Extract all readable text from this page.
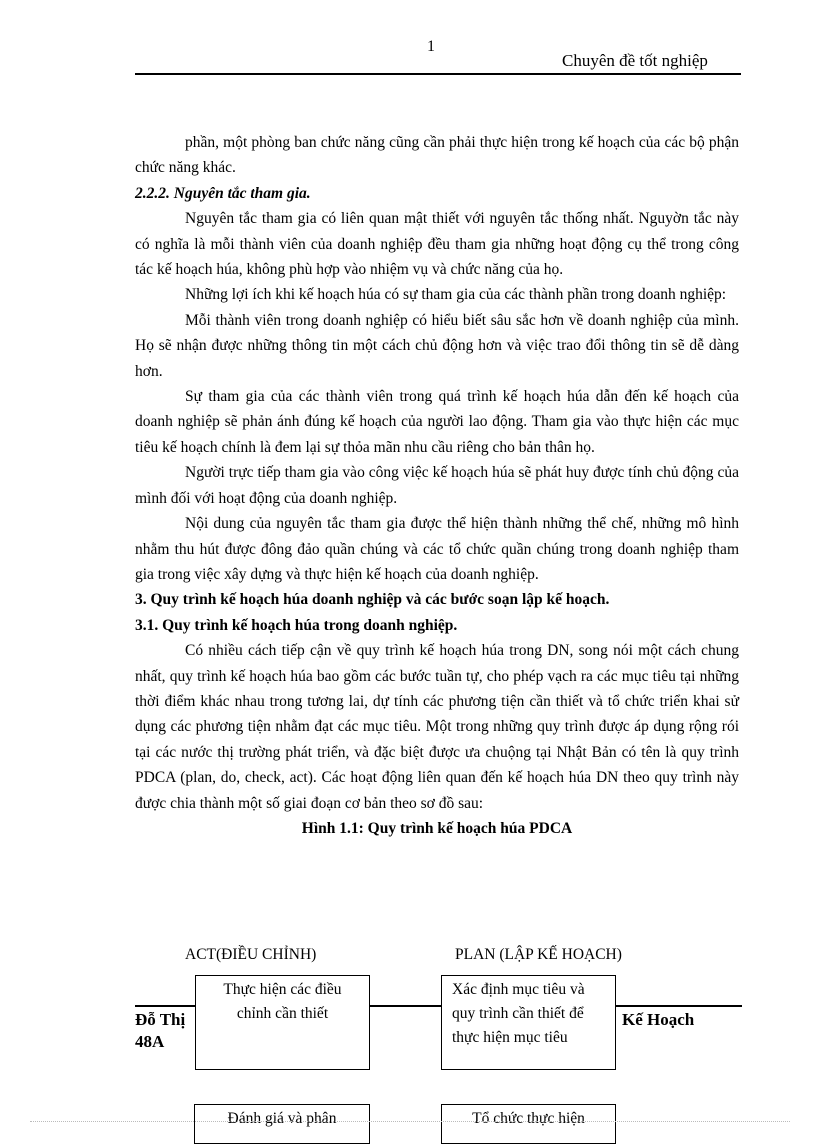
1
Chuyên đề tốt nghiệp

phần, một phòng ban chức năng cũng cần phải thực hiện trong kế hoạch của các bộ phận chức năng khác.

2.2.2. Nguyên tắc tham gia.

Nguyên tắc tham gia có liên quan mật thiết với nguyên tắc thống nhất. Nguyờn tắc này có nghĩa là mỗi thành viên của doanh nghiệp đều tham gia những hoạt động cụ thể trong công tác kế hoạch húa, không phù hợp vào nhiệm vụ và chức năng của họ.

Những lợi ích khi kế hoạch húa có sự tham gia của các thành phần trong doanh nghiệp:

Mỗi thành viên trong doanh nghiệp có hiểu biết sâu sắc hơn về doanh nghiệp của mình. Họ sẽ nhận được những thông tin một cách chủ động hơn và việc trao đổi thông tin sẽ dễ dàng hơn.

Sự tham gia của các thành viên trong quá trình kế hoạch húa dẫn đến kế hoạch của doanh nghiệp sẽ phản ánh đúng kế hoạch của người lao động. Tham gia vào thực hiện các mục tiêu kế hoạch chính là đem lại sự thỏa mãn nhu cầu riêng cho bản thân họ.

Người trực tiếp tham gia vào công việc kế hoạch húa sẽ phát huy được tính chủ động của mình đối với hoạt động của doanh nghiệp.

Nội dung của nguyên tắc tham gia được thể hiện thành những thể chế, những mô hình nhằm thu hút được đông đảo quần chúng và các tổ chức quần chúng trong doanh nghiệp tham gia trong việc xây dựng và thực hiện kế hoạch của doanh nghiệp.

3. Quy trình kế hoạch húa doanh nghiệp và các bước soạn lập kế hoạch.

3.1. Quy trình kế hoạch húa trong doanh nghiệp.

Có nhiều cách tiếp cận về quy trình kế hoạch húa trong DN, song nói một cách chung nhất, quy trình kế hoạch húa bao gồm các bước tuần tự, cho phép vạch ra các mục tiêu tại những thời điểm khác nhau trong tương lai, dự tính các phương tiện cần thiết và tổ chức triển khai sử dụng các phương tiện nhằm đạt các mục tiêu. Một trong những quy trình được áp dụng rộng rói tại các nước thị trường phát triển, và đặc biệt được ưa chuộng tại Nhật Bản có tên là quy trình PDCA (plan, do, check, act). Các hoạt động liên quan đến kế hoạch húa DN theo quy trình này được chia thành một số giai đoạn cơ bản theo sơ đồ sau:

Hình 1.1: Quy trình kế hoạch húa PDCA

ACT(ĐIỀU CHỈNH)	PLAN (LẬP KẾ HOẠCH)
Đỗ Thị
48A
Kế Hoạch
Thực hiện các điều
chỉnh cần thiết
Xác định mục tiêu và
quy trình cần thiết để
thực hiện mục tiêu
Đánh giá và phân	Tổ chức thực hiện
